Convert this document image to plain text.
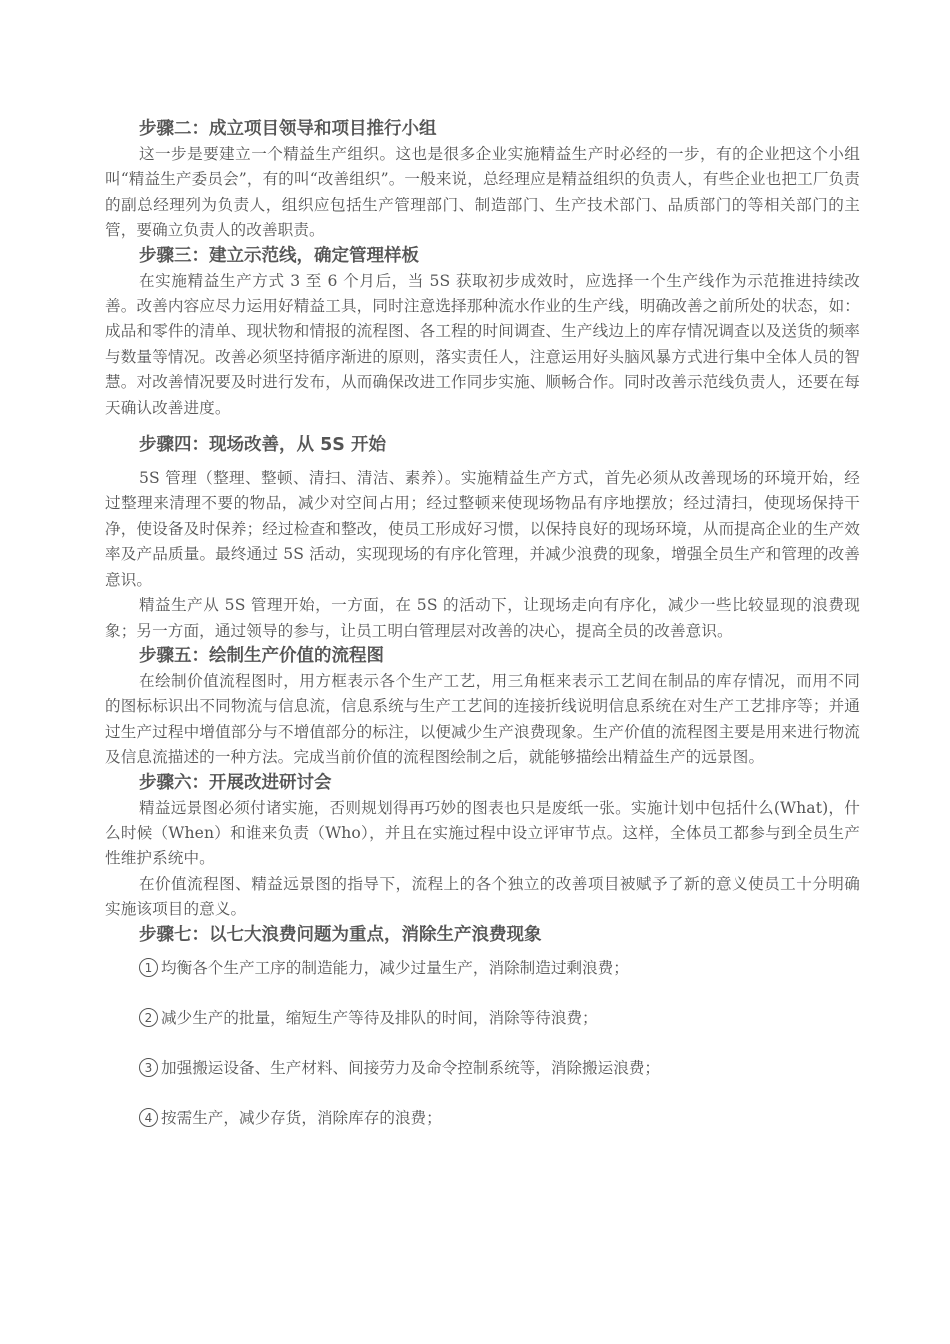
步骤二：成立项目领导和项目推行小组

这一步是要建立一个精益生产组织。这也是很多企业实施精益生产时必经的一步，有的企业把这个小组叫“精益生产委员会”，有的叫“改善组织”。一般来说，总经理应是精益组织的负责人，有些企业也把工厂负责的副总经理列为负责人，组织应包括生产管理部门、制造部门、生产技术部门、品质部门的等相关部门的主管，要确立负责人的改善职责。

步骤三：建立示范线，确定管理样板

在实施精益生产方式 3 至 6 个月后，当 5S 获取初步成效时，应选择一个生产线作为示范推进持续改善。改善内容应尽力运用好精益工具，同时注意选择那种流水作业的生产线，明确改善之前所处的状态，如：成品和零件的清单、现状物和情报的流程图、各工程的时间调查、生产线边上的库存情况调查以及送货的频率与数量等情况。改善必须坚持循序渐进的原则，落实责任人，注意运用好头脑风暴方式进行集中全体人员的智慧。对改善情况要及时进行发布，从而确保改进工作同步实施、顺畅合作。同时改善示范线负责人，还要在每天确认改善进度。

步骤四：现场改善，从 5S 开始

5S 管理（整理、整顿、清扫、清洁、素养）。实施精益生产方式，首先必须从改善现场的环境开始，经过整理来清理不要的物品，减少对空间占用；经过整顿来使现场物品有序地摆放；经过清扫，使现场保持干净，使设备及时保养；经过检查和整改，使员工形成好习惯，以保持良好的现场环境，从而提高企业的生产效率及产品质量。最终通过 5S 活动，实现现场的有序化管理，并减少浪费的现象，增强全员生产和管理的改善意识。

精益生产从 5S 管理开始，一方面，在 5S 的活动下，让现场走向有序化，减少一些比较显现的浪费现象；另一方面，通过领导的参与，让员工明白管理层对改善的决心，提高全员的改善意识。

步骤五：绘制生产价值的流程图

在绘制价值流程图时，用方框表示各个生产工艺，用三角框来表示工艺间在制品的库存情况，而用不同的图标标识出不同物流与信息流，信息系统与生产工艺间的连接折线说明信息系统在对生产工艺排序等；并通过生产过程中增值部分与不增值部分的标注，以便减少生产浪费现象。生产价值的流程图主要是用来进行物流及信息流描述的一种方法。完成当前价值的流程图绘制之后，就能够描绘出精益生产的远景图。

步骤六：开展改进研讨会

精益远景图必须付诸实施，否则规划得再巧妙的图表也只是废纸一张。实施计划中包括什么(What)，什么时候（When）和谁来负责（Who），并且在实施过程中设立评审节点。这样，全体员工都参与到全员生产性维护系统中。

在价值流程图、精益远景图的指导下，流程上的各个独立的改善项目被赋予了新的意义使员工十分明确实施该项目的意义。

步骤七：以七大浪费问题为重点，消除生产浪费现象

1 均衡各个生产工序的制造能力，减少过量生产，消除制造过剩浪费；

2 减少生产的批量，缩短生产等待及排队的时间，消除等待浪费；

3 加强搬运设备、生产材料、间接劳力及命令控制系统等，消除搬运浪费；

4 按需生产，减少存货，消除库存的浪费；
